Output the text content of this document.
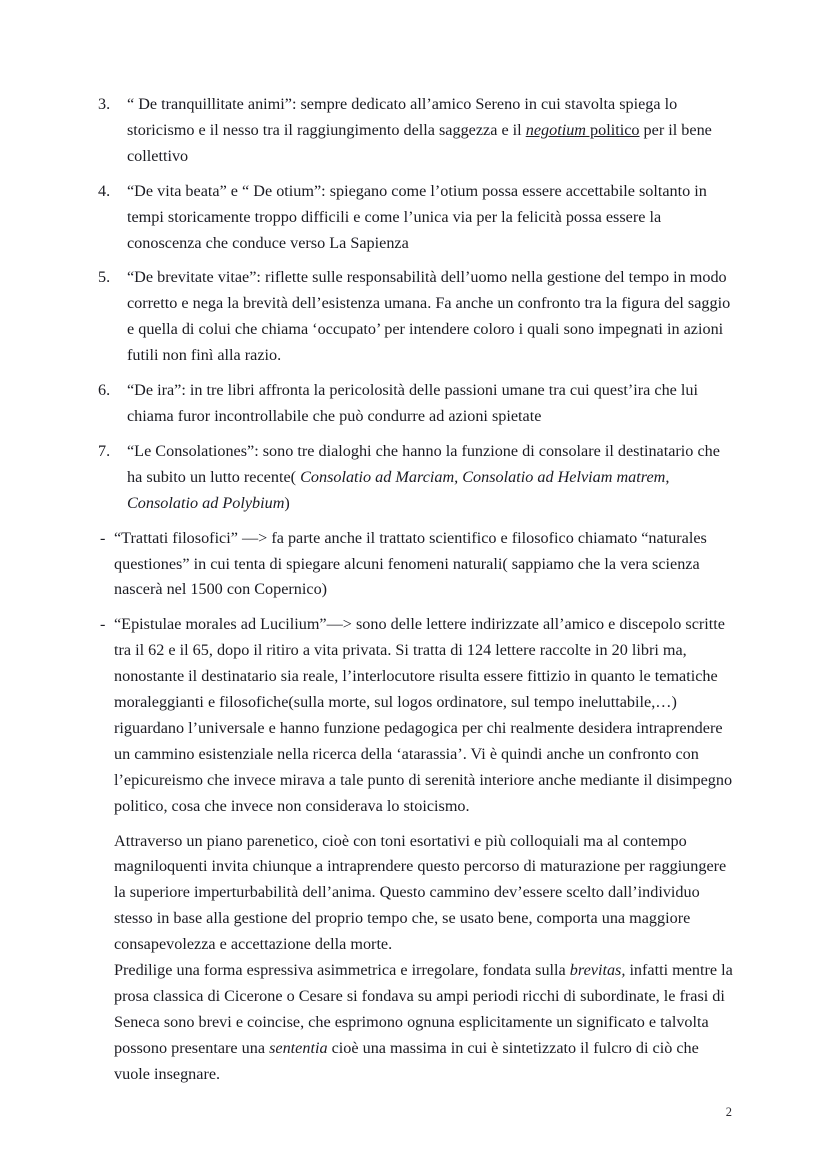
3.	“ De tranquillitate animi”: sempre dedicato all’amico Sereno in cui stavolta spiega lo storicismo e il nesso tra il raggiungimento della saggezza e il negotium politico per il bene collettivo
4.	“De vita beata” e “ De otium”: spiegano come l’otium possa essere accettabile soltanto in tempi storicamente troppo difficili e come l’unica via per la felicità possa essere la conoscenza che conduce verso La Sapienza
5.	“De brevitate vitae”: riflette sulle responsabilità dell’uomo nella gestione del tempo in modo corretto e nega la brevità dell’esistenza umana. Fa anche un confronto tra la figura del saggio e quella di colui che chiama ‘occupato’ per intendere coloro i quali sono impegnati in azioni futili non finì alla razio.
6.	“De ira”: in tre libri affronta la pericolosità delle passioni umane tra cui quest’ira che lui chiama furor incontrollabile che può condurre ad azioni spietate
7.	“Le Consolationes”: sono tre dialoghi che hanno la funzione di consolare il destinatario che ha subito un lutto recente( Consolatio ad Marciam, Consolatio ad Helviam matrem, Consolatio ad Polybium)
- “Trattati filosofici” —> fa parte anche il trattato scientifico e filosofico chiamato “naturales questiones” in cui tenta di spiegare alcuni fenomeni naturali( sappiamo che la vera scienza nascerà nel 1500 con Copernico)
- “Epistulae morales ad Lucilium”—> sono delle lettere indirizzate all’amico e discepolo scritte tra il 62 e il 65, dopo il ritiro a vita privata. Si tratta di 124 lettere raccolte in 20 libri ma, nonostante il destinatario sia reale, l’interlocutore risulta essere fittizio in quanto le tematiche moraleggianti e filosofiche(sulla morte, sul logos ordinatore, sul tempo ineluttabile,…) riguardano l’universale e hanno funzione pedagogica per chi realmente desidera intraprendere un cammino esistenziale nella ricerca della ‘atarassia’. Vi è quindi anche un confronto con l’epicureismo che invece mirava a tale punto di serenità interiore anche mediante il disimpegno politico, cosa che invece non considerava lo stoicismo.

Attraverso un piano parenetico, cioè con toni esortativi e più colloquiali ma al contempo magniloquenti invita chiunque a intraprendere questo percorso di maturazione per raggiungere la superiore imperturbabilità dell’anima. Questo cammino dev’essere scelto dall’individuo stesso in base alla gestione del proprio tempo che, se usato bene, comporta una maggiore consapevolezza e accettazione della morte.

Predilige una forma espressiva asimmetrica e irregolare, fondata sulla brevitas, infatti mentre la prosa classica di Cicerone o Cesare si fondava su ampi periodi ricchi di subordinate, le frasi di Seneca sono brevi e coincise, che esprimono ognuna esplicitamente un significato e talvolta possono presentare una sententia cioè una massima in cui è sintetizzato il fulcro di ciò che vuole insegnare.

2
